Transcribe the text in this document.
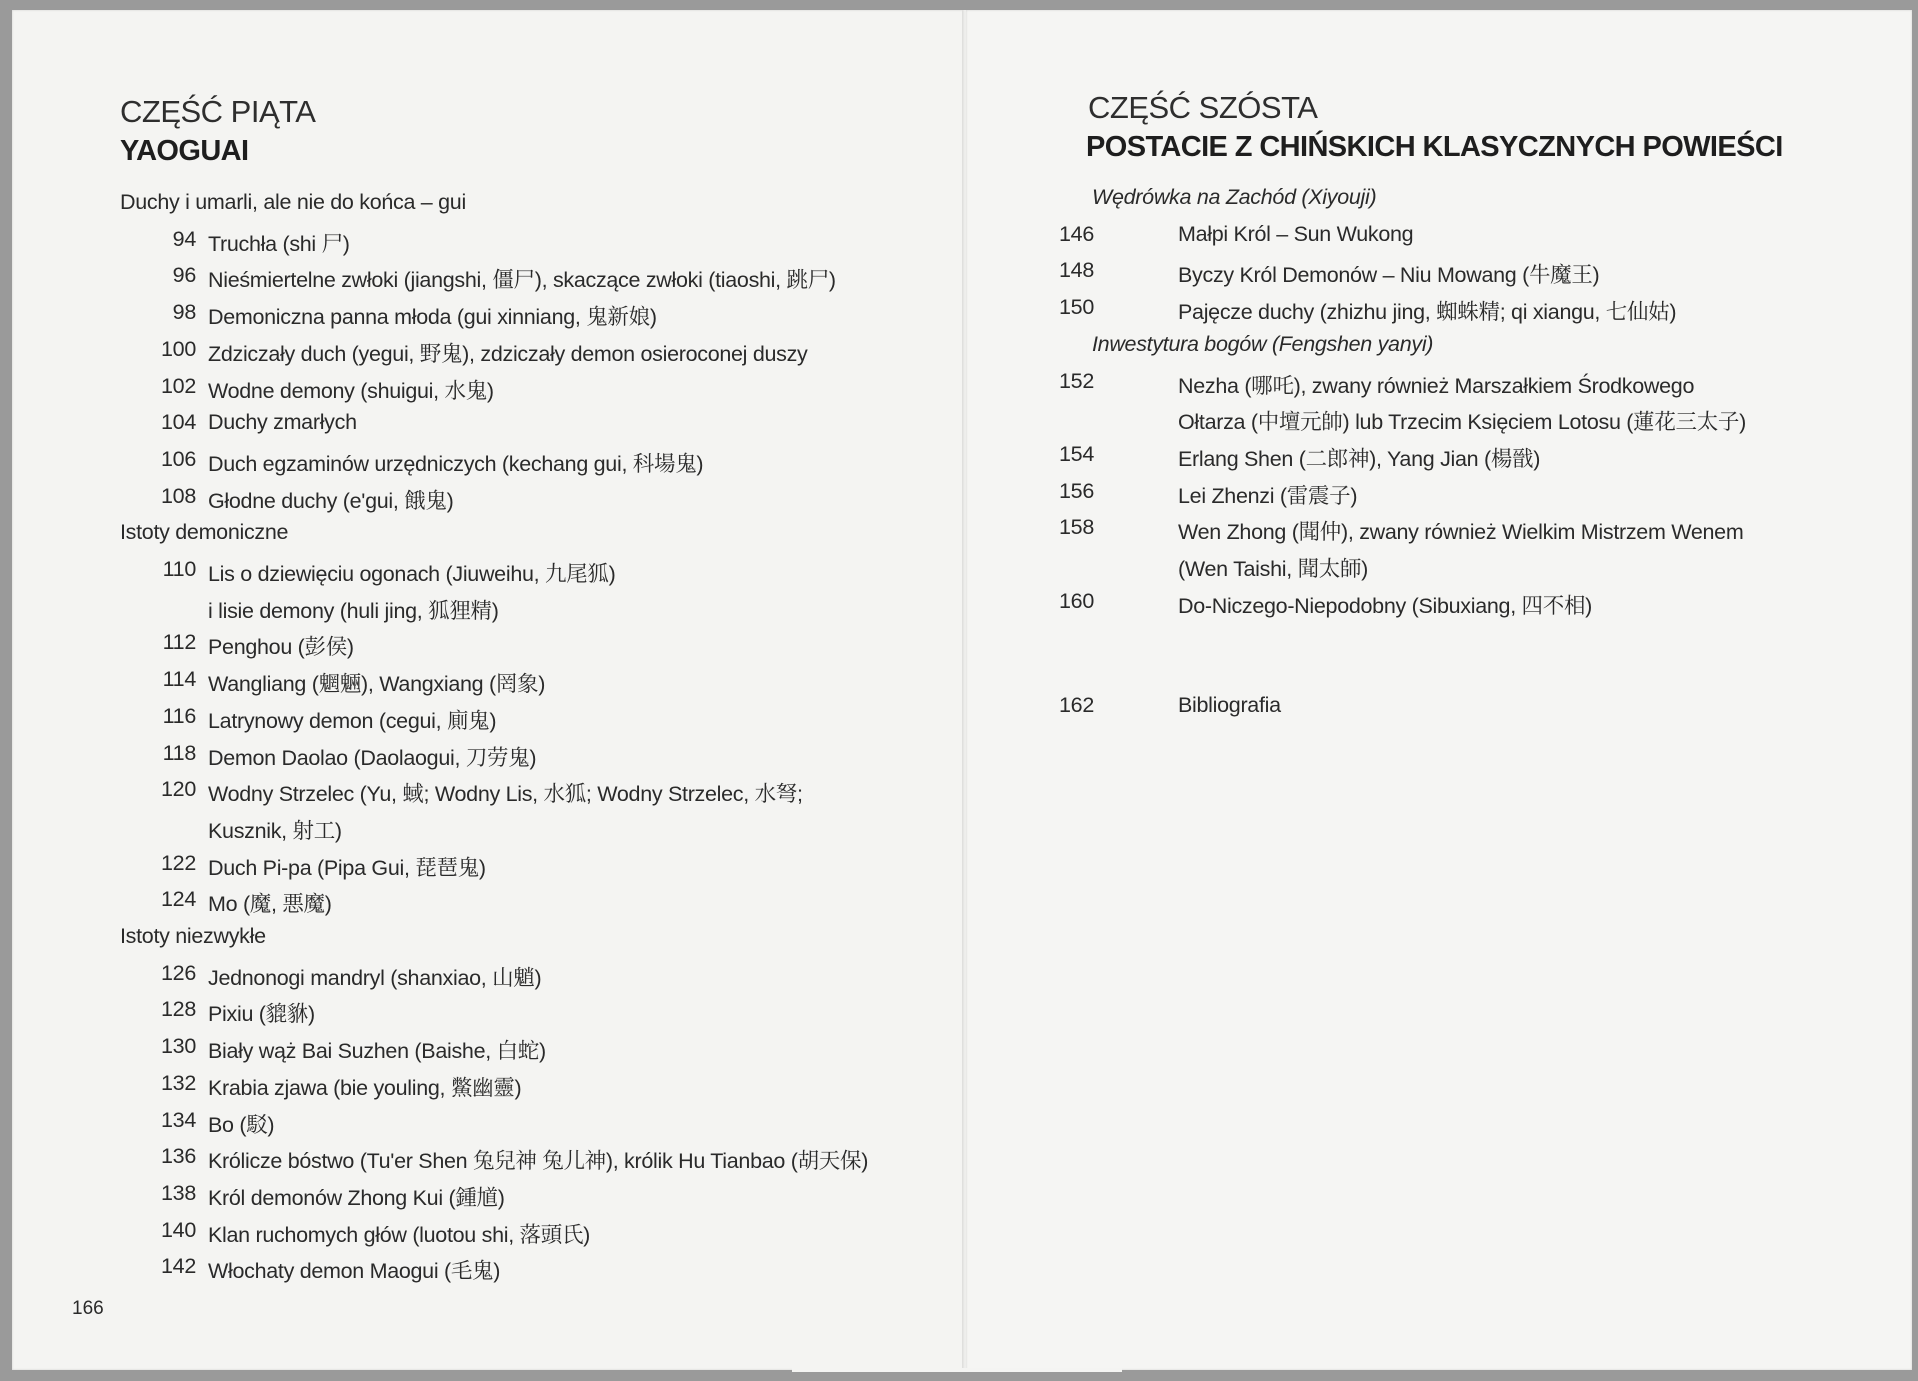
CZĘŚĆ PIĄTA
YAOGUAI
Duchy i umarli, ale nie do końca – gui
94 Truchła (shi 尸)
96 Nieśmiertelne zwłoki (jiangshi, 僵尸), skaczące zwłoki (tiaoshi, 跳尸)
98 Demoniczna panna młoda (gui xinniang, 鬼新娘)
100 Zdziczały duch (yegui, 野鬼), zdziczały demon osieroconej duszy
102 Wodne demony (shuigui, 水鬼)
104 Duchy zmarłych
106 Duch egzaminów urzędniczych (kechang gui, 科場鬼)
108 Głodne duchy (e'gui, 餓鬼)
Istoty demoniczne
110 Lis o dziewięciu ogonach (Jiuweihu, 九尾狐)
i lisie demony (huli jing, 狐狸精)
112 Penghou (彭侯)
114 Wangliang (魍魎), Wangxiang (罔象)
116 Latrynowy demon (cegui, 廁鬼)
118 Demon Daolao (Daolaogui, 刀劳鬼)
120 Wodny Strzelec (Yu, 蜮; Wodny Lis, 水狐; Wodny Strzelec, 水弩;
Kusznik, 射工)
122 Duch Pi-pa (Pipa Gui, 琵琶鬼)
124 Mo (魔, 悪魔)
Istoty niezwykłe
126 Jednonogi mandryl (shanxiao, 山魈)
128 Pixiu (貔貅)
130 Biały wąż Bai Suzhen (Baishe, 白蛇)
132 Krabia zjawa (bie youling, 鱉幽靈)
134 Bo (駁)
136 Królicze bóstwo (Tu'er Shen 兔兒神 兔儿神), królik Hu Tianbao (胡天保)
138 Król demonów Zhong Kui (鍾馗)
140 Klan ruchomych głów (luotou shi, 落頭氏)
142 Włochaty demon Maogui (毛鬼)
166
CZĘŚĆ SZÓSTA
POSTACIE Z CHIŃSKICH KLASYCZNYCH POWIEŚCI
Wędrówka na Zachód (Xiyouji)
146	Małpi Król – Sun Wukong
148	Byczy Król Demonów – Niu Mowang (牛魔王)
150	Pajęcze duchy (zhizhu jing, 蜘蛛精; qi xiangu, 七仙姑)
Inwestytura bogów (Fengshen yanyi)
152	Nezha (哪吒), zwany również Marszałkiem Środkowego
Ołtarza (中壇元帥) lub Trzecim Księciem Lotosu (蓮花三太子)
154	Erlang Shen (二郎神), Yang Jian (楊戩)
156	Lei Zhenzi (雷震子)
158	Wen Zhong (聞仲), zwany również Wielkim Mistrzem Wenem
(Wen Taishi, 聞太師)
160	Do-Niczego-Niepodobny (Sibuxiang, 四不相)
162	Bibliografia
